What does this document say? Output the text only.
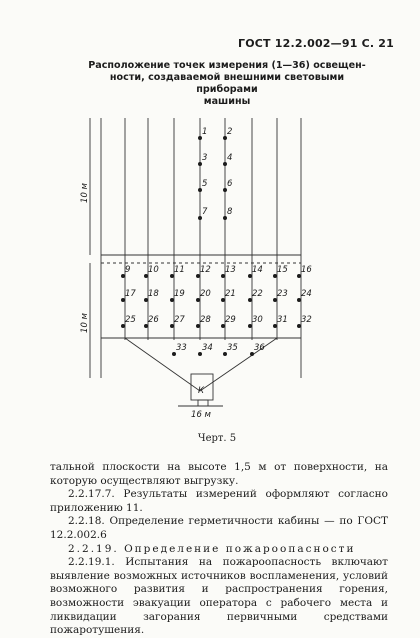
ГОСТ 12.2.002—91 С. 21
Расположение точек измерения (1—36) освещен-
ности, создаваемой внешними световыми приборами
машины
1 2
3 4
5 6
7 8
9 10 11 12 13 14 15 16
17 18 19 20 21 22 23 24
25 26 27 28 29 30 31 32
33 34 35 36
К
10 м
10 м
16 м
Черт. 5

тальной плоскости на высоте 1,5 м от поверхности, на которую осуществляют выгрузку.

2.2.17.7. Результаты измерений оформляют согласно приложению 11.

2.2.18. Определение герметичности кабины — по ГОСТ 12.2.002.6

2.2.19. Определение пожароопасности

2.2.19.1. Испытания на пожароопасность включают выявление возможных источников воспламенения, условий возможного развития и распространения горения, возможности эвакуации оператора с рабочего места и ликвидации загорания первичными средствами пожаротушения.
